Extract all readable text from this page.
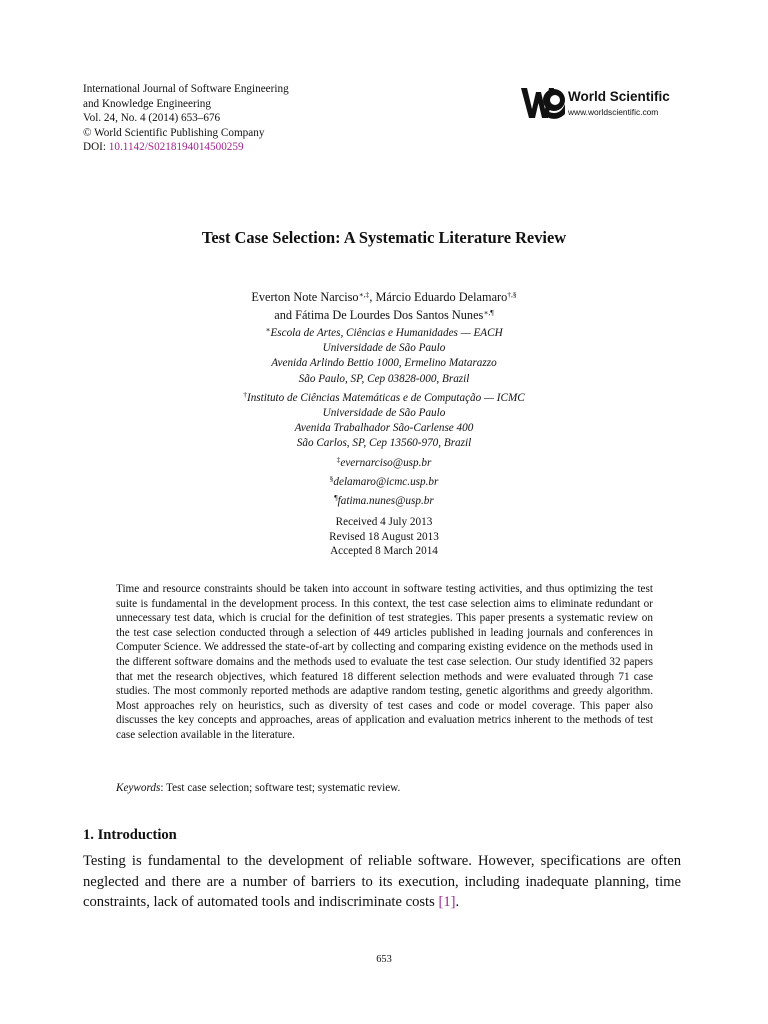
International Journal of Software Engineering
and Knowledge Engineering
Vol. 24, No. 4 (2014) 653–676
© World Scientific Publishing Company
DOI: 10.1142/S0218194014500259
World Scientific
www.worldscientific.com
Test Case Selection: A Systematic Literature Review
Everton Note Narciso∗,‡, Márcio Eduardo Delamaro†,§
and Fátima De Lourdes Dos Santos Nunes∗,¶
∗Escola de Artes, Ciências e Humanidades — EACH
Universidade de São Paulo
Avenida Arlindo Bettio 1000, Ermelino Matarazzo
São Paulo, SP, Cep 03828-000, Brazil
†Instituto de Ciências Matemáticas e de Computação — ICMC
Universidade de São Paulo
Avenida Trabalhador São-Carlense 400
São Carlos, SP, Cep 13560-970, Brazil
‡evernarciso@usp.br
§delamaro@icmc.usp.br
¶fatima.nunes@usp.br
Received 4 July 2013
Revised 18 August 2013
Accepted 8 March 2014

Time and resource constraints should be taken into account in software testing activities, and thus optimizing the test suite is fundamental in the development process. In this context, the test case selection aims to eliminate redundant or unnecessary test data, which is crucial for the definition of test strategies. This paper presents a systematic review on the test case selection conducted through a selection of 449 articles published in leading journals and conferences in Computer Science. We addressed the state-of-art by collecting and comparing existing evidence on the methods used in the different software domains and the methods used to evaluate the test case selection. Our study identified 32 papers that met the research objectives, which featured 18 different selection methods and were evaluated through 71 case studies. The most commonly reported methods are adaptive random testing, genetic algorithms and greedy algorithm. Most approaches rely on heuristics, such as diversity of test cases and code or model coverage. This paper also discusses the key concepts and approaches, areas of application and evaluation metrics inherent to the methods of test case selection available in the literature.

Keywords: Test case selection; software test; systematic review.
1. Introduction

Testing is fundamental to the development of reliable software. However, specifications are often neglected and there are a number of barriers to its execution, including inadequate planning, time constraints, lack of automated tools and indiscriminate costs [1].

653
